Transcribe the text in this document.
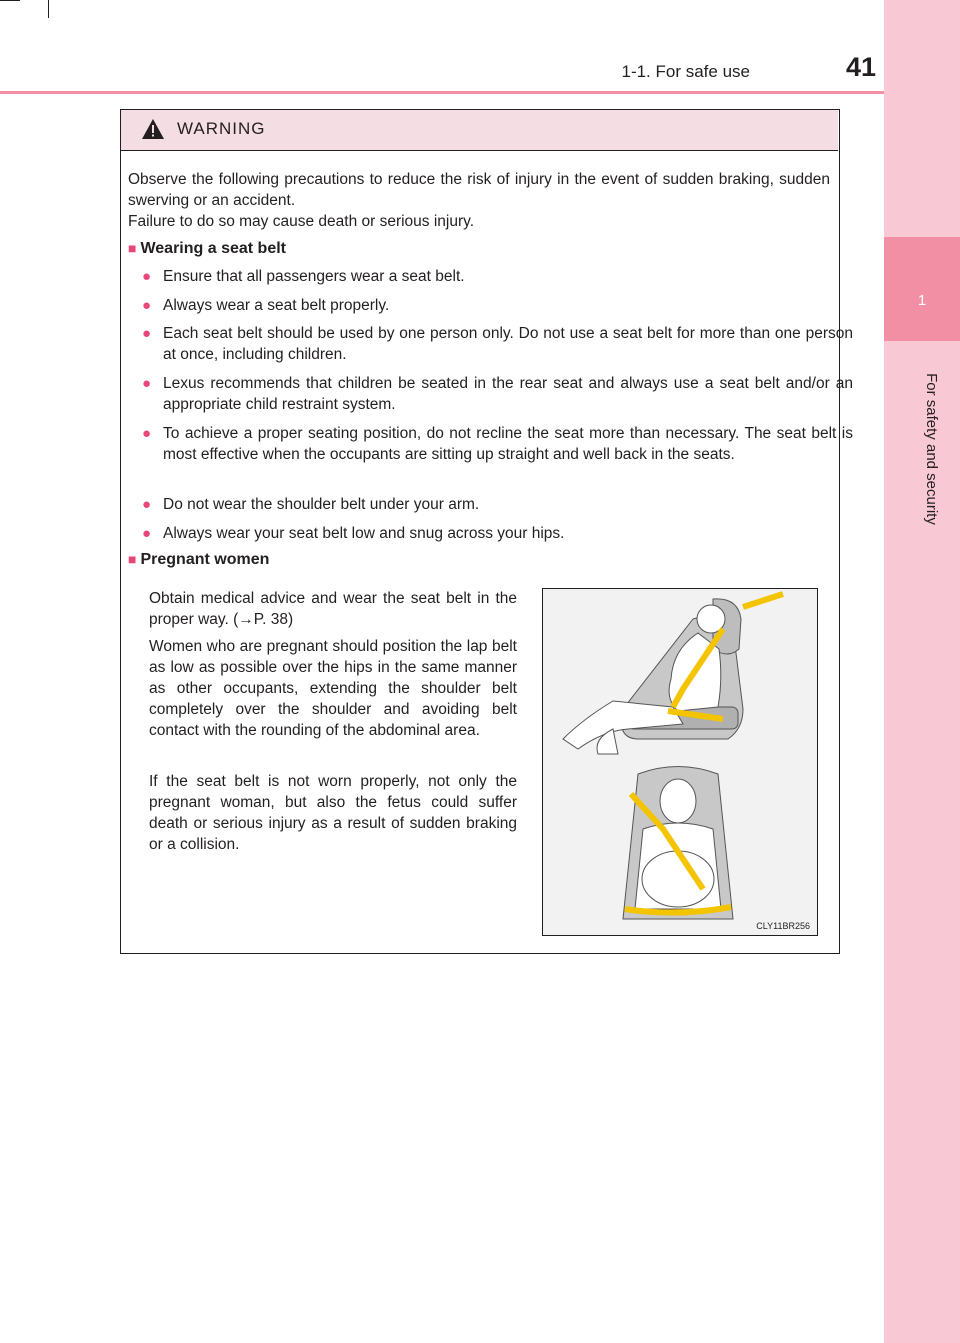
1
For safety and security
1-1. For safe use	41
WARNING
Observe the following precautions to reduce the risk of injury in the event of sudden braking, sudden swerving or an accident.
Failure to do so may cause death or serious injury.
■ Wearing a seat belt
● Ensure that all passengers wear a seat belt.
● Always wear a seat belt properly.
● Each seat belt should be used by one person only. Do not use a seat belt for more than one person at once, including children.
● Lexus recommends that children be seated in the rear seat and always use a seat belt and/or an appropriate child restraint system.
● To achieve a proper seating position, do not recline the seat more than necessary. The seat belt is most effective when the occupants are sitting up straight and well back in the seats.
● Do not wear the shoulder belt under your arm.
● Always wear your seat belt low and snug across your hips.
■ Pregnant women
Obtain medical advice and wear the seat belt in the proper way. (→P. 38)
Women who are pregnant should position the lap belt as low as possible over the hips in the same manner as other occupants, extending the shoulder belt completely over the shoulder and avoiding belt contact with the rounding of the abdominal area.
If the seat belt is not worn properly, not only the pregnant woman, but also the fetus could suffer death or serious injury as a result of sudden braking or a collision.
CLY11BR256
